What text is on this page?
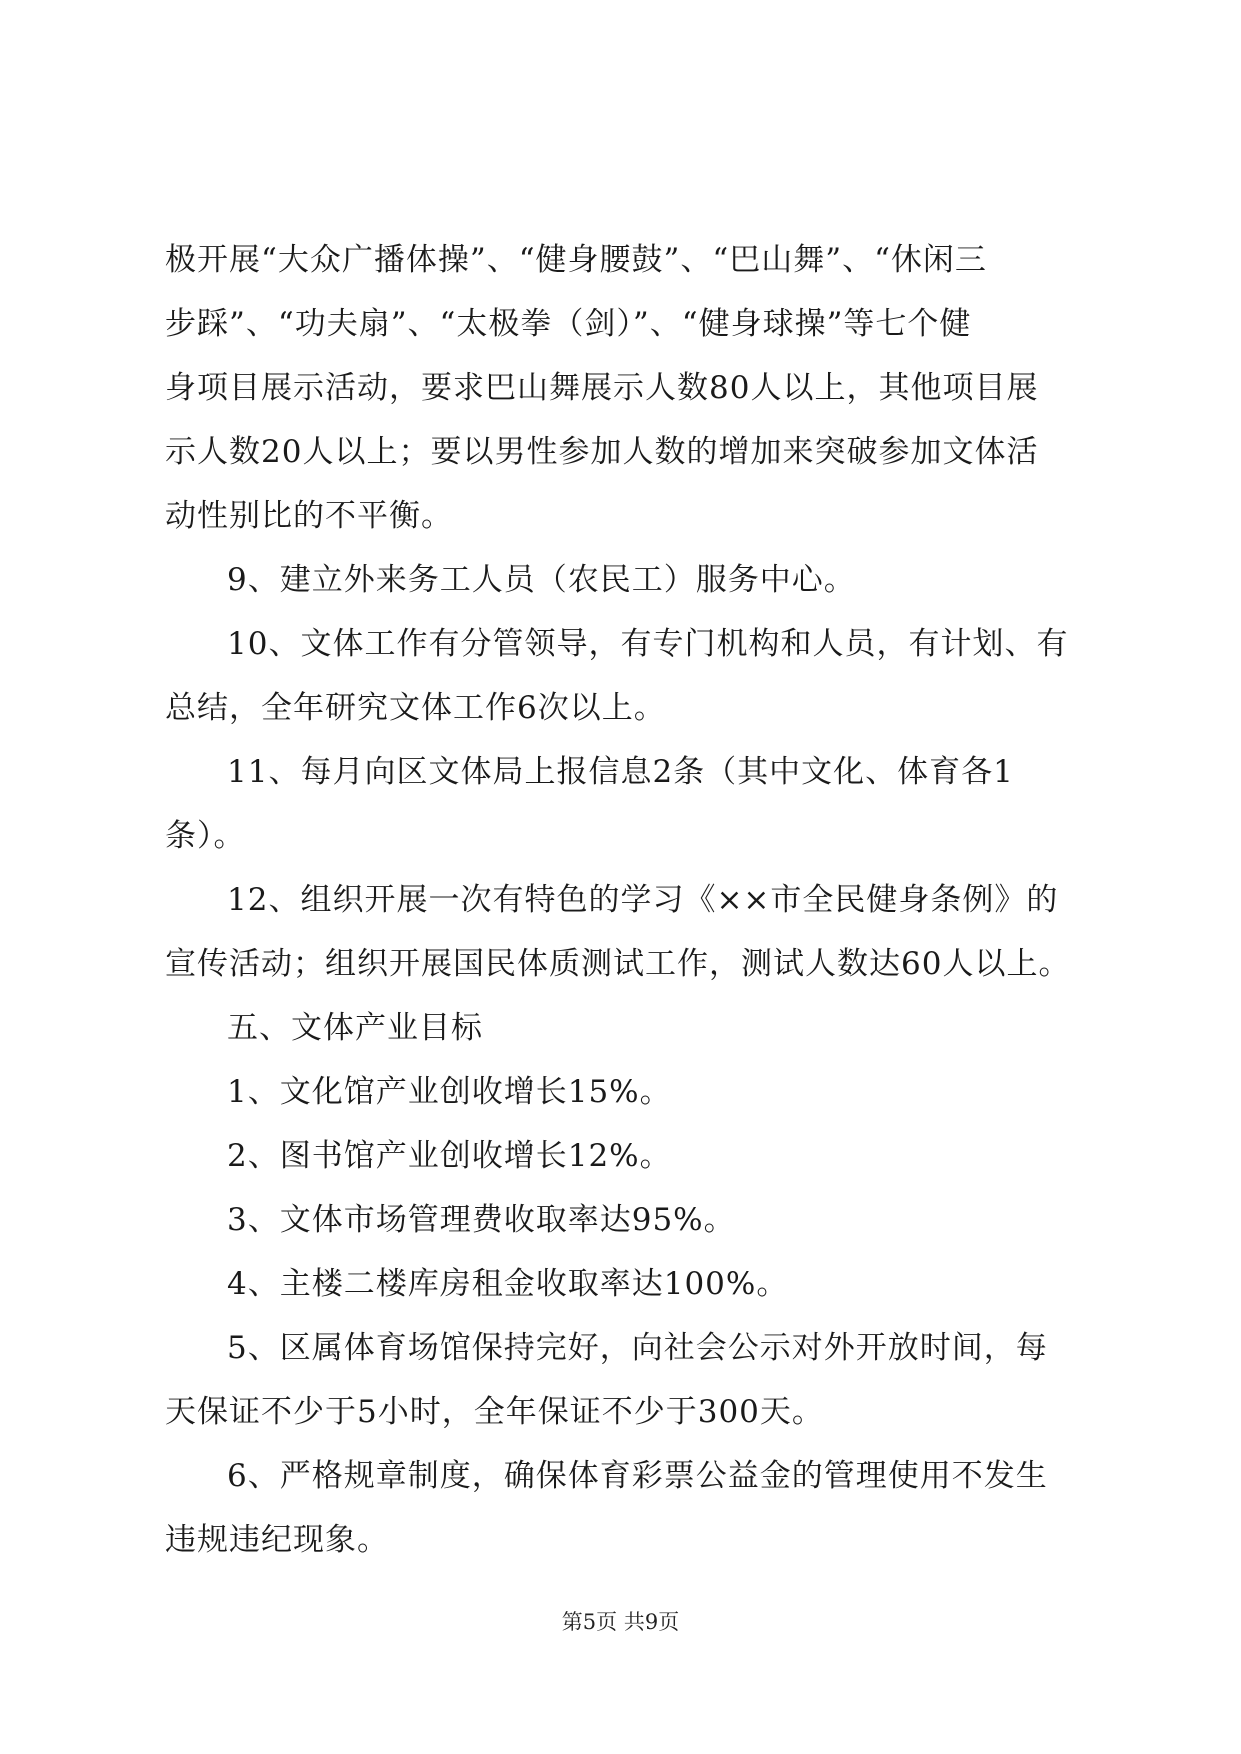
极开展“大众广播体操”、“健身腰鼓”、“巴山舞”、“休闲三
步踩”、“功夫扇”、“太极拳（剑）”、“健身球操”等七个健
身项目展示活动，要求巴山舞展示人数80人以上，其他项目展
示人数20人以上；要以男性参加人数的增加来突破参加文体活
动性别比的不平衡。
9、建立外来务工人员（农民工）服务中心。
10、文体工作有分管领导，有专门机构和人员，有计划、有
总结，全年研究文体工作6次以上。
11、每月向区文体局上报信息2条（其中文化、体育各1
条）。
12、组织开展一次有特色的学习《××市全民健身条例》的
宣传活动；组织开展国民体质测试工作，测试人数达60人以上。
五、文体产业目标
1、文化馆产业创收增长15%。
2、图书馆产业创收增长12%。
3、文体市场管理费收取率达95%。
4、主楼二楼库房租金收取率达100%。
5、区属体育场馆保持完好，向社会公示对外开放时间，每
天保证不少于5小时，全年保证不少于300天。
6、严格规章制度，确保体育彩票公益金的管理使用不发生
违规违纪现象。
第5页 共9页
